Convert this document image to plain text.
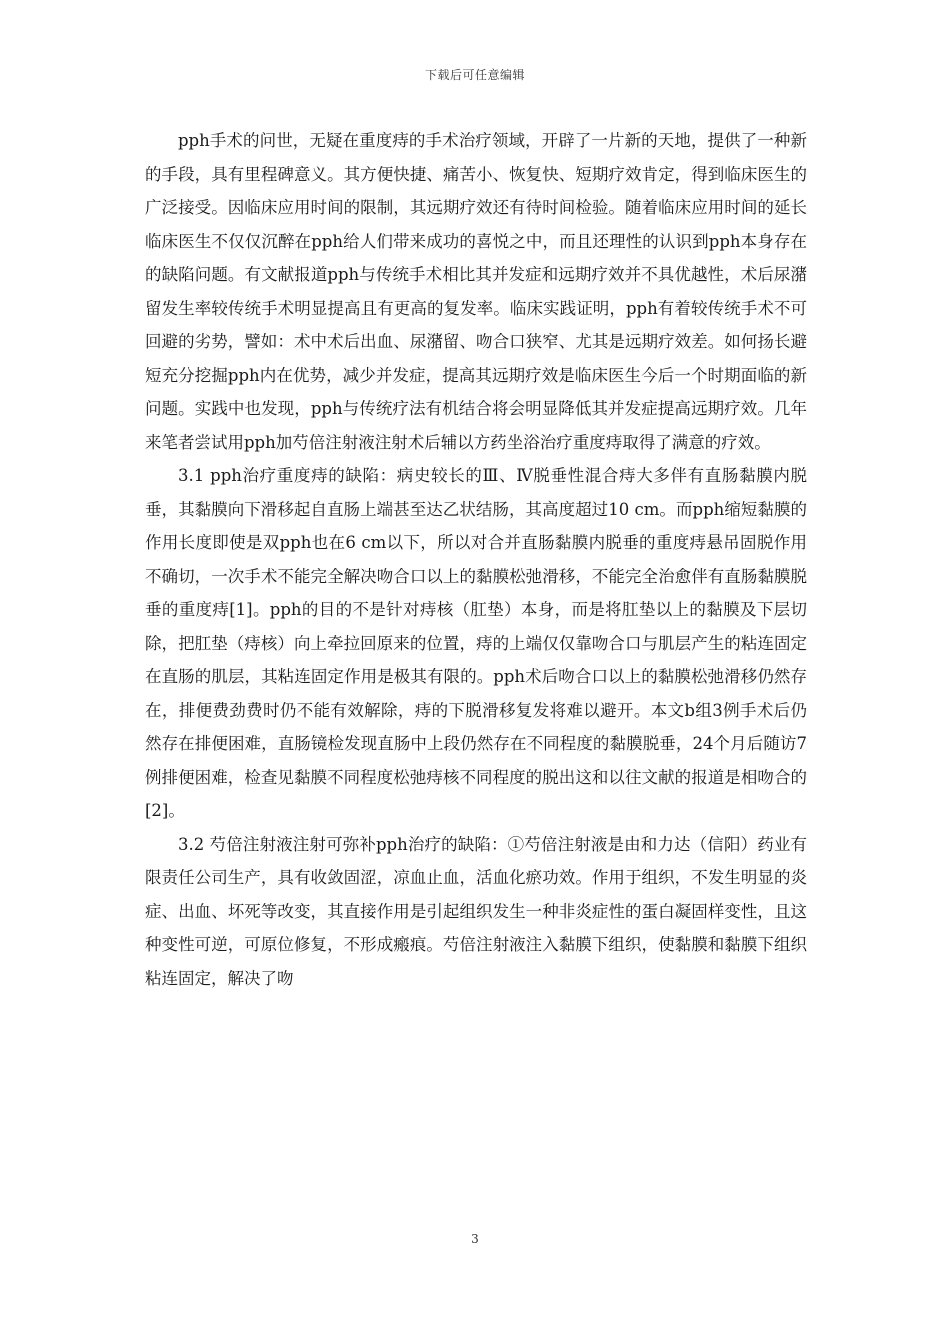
下载后可任意编辑

pph手术的问世，无疑在重度痔的手术治疗领域，开辟了一片新的天地，提供了一种新的手段，具有里程碑意义。其方便快捷、痛苦小、恢复快、短期疗效肯定，得到临床医生的广泛接受。因临床应用时间的限制，其远期疗效还有待时间检验。随着临床应用时间的延长临床医生不仅仅沉醉在pph给人们带来成功的喜悦之中，而且还理性的认识到pph本身存在的缺陷问题。有文献报道pph与传统手术相比其并发症和远期疗效并不具优越性，术后尿潴留发生率较传统手术明显提高且有更高的复发率。临床实践证明，pph有着较传统手术不可回避的劣势，譬如：术中术后出血、尿潴留、吻合口狭窄、尤其是远期疗效差。如何扬长避短充分挖掘pph内在优势，减少并发症，提高其远期疗效是临床医生今后一个时期面临的新问题。实践中也发现，pph与传统疗法有机结合将会明显降低其并发症提高远期疗效。几年来笔者尝试用pph加芍倍注射液注射术后辅以方药坐浴治疗重度痔取得了满意的疗效。

3.1 pph治疗重度痔的缺陷：病史较长的Ⅲ、Ⅳ脱垂性混合痔大多伴有直肠黏膜内脱垂，其黏膜向下滑移起自直肠上端甚至达乙状结肠，其高度超过10 cm。而pph缩短黏膜的作用长度即使是双pph也在6 cm以下，所以对合并直肠黏膜内脱垂的重度痔悬吊固脱作用不确切，一次手术不能完全解决吻合口以上的黏膜松弛滑移，不能完全治愈伴有直肠黏膜脱垂的重度痔[1]。pph的目的不是针对痔核（肛垫）本身，而是将肛垫以上的黏膜及下层切除，把肛垫（痔核）向上牵拉回原来的位置，痔的上端仅仅靠吻合口与肌层产生的粘连固定在直肠的肌层，其粘连固定作用是极其有限的。pph术后吻合口以上的黏膜松弛滑移仍然存在，排便费劲费时仍不能有效解除，痔的下脱滑移复发将难以避开。本文b组3例手术后仍然存在排便困难，直肠镜检发现直肠中上段仍然存在不同程度的黏膜脱垂，24个月后随访7例排便困难，检查见黏膜不同程度松弛痔核不同程度的脱出这和以往文献的报道是相吻合的[2]。

3.2 芍倍注射液注射可弥补pph治疗的缺陷：①芍倍注射液是由和力达（信阳）药业有限责任公司生产，具有收敛固涩，凉血止血，活血化瘀功效。作用于组织，不发生明显的炎症、出血、坏死等改变，其直接作用是引起组织发生一种非炎症性的蛋白凝固样变性，且这种变性可逆，可原位修复，不形成瘢痕。芍倍注射液注入黏膜下组织，使黏膜和黏膜下组织粘连固定，解决了吻

3
